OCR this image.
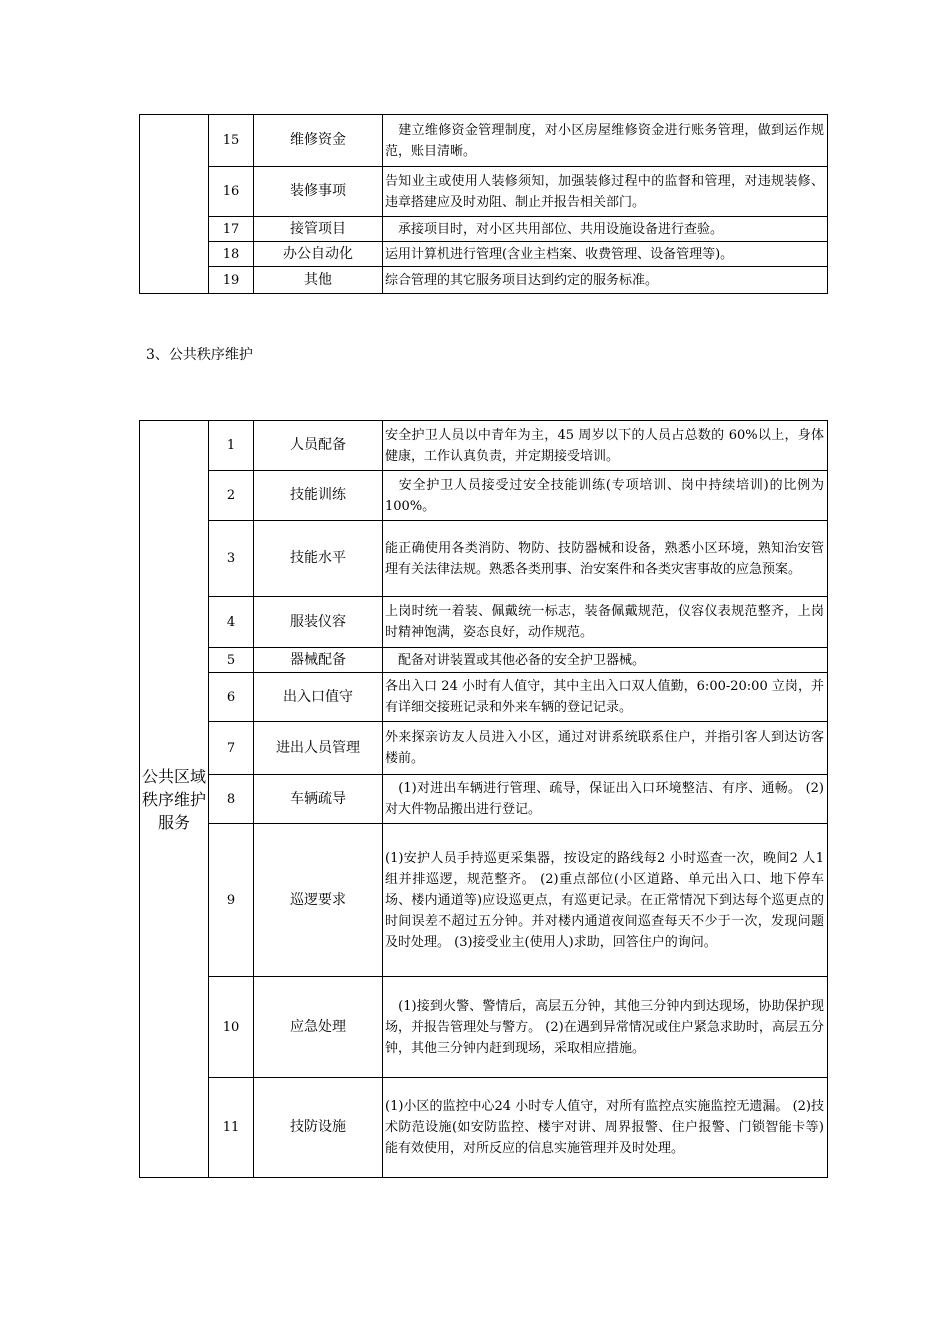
	15	维修资金	　建立维修资金管理制度，对小区房屋维修资金进行账务管理，做到运作规范，账目清晰。
	16	装修事项	告知业主或使用人装修须知，加强装修过程中的监督和管理，对违规装修、违章搭建应及时劝阻、制止并报告相关部门。
	17	接管项目	　承接项目时，对小区共用部位、共用设施设备进行查验。
	18	办公自动化	运用计算机进行管理(含业主档案、收费管理、设备管理等)。
	19	其他	综合管理的其它服务项目达到约定的服务标准。
3、公共秩序维护
公共区域秩序维护服务	1	人员配备	安全护卫人员以中青年为主，45 周岁以下的人员占总数的 60%以上，身体健康，工作认真负责，并定期接受培训。
	2	技能训练	　安全护卫人员接受过安全技能训练(专项培训、岗中持续培训)的比例为100%。
	3	技能水平	能正确使用各类消防、物防、技防器械和设备，熟悉小区环境，熟知治安管理有关法律法规。熟悉各类刑事、治安案件和各类灾害事故的应急预案。
	4	服装仪容	上岗时统一着装、佩戴统一标志，装备佩戴规范，仪容仪表规范整齐，上岗时精神饱满，姿态良好，动作规范。
	5	器械配备	　配备对讲装置或其他必备的安全护卫器械。
	6	出入口值守	各出入口 24 小时有人值守，其中主出入口双人值勤，6:00-20:00 立岗，并有详细交接班记录和外来车辆的登记记录。
	7	进出人员管理	外来探亲访友人员进入小区，通过对讲系统联系住户，并指引客人到达访客楼前。
	8	车辆疏导	　(1)对进出车辆进行管理、疏导，保证出入口环境整洁、有序、通畅。 (2)对大件物品搬出进行登记。
	9	巡逻要求	(1)安护人员手持巡更采集器，按设定的路线每2 小时巡查一次，晚间2 人1 组并排巡逻，规范整齐。 (2)重点部位(小区道路、单元出入口、地下停车场、楼内通道等)应设巡更点，有巡更记录。在正常情况下到达每个巡更点的时间误差不超过五分钟。并对楼内通道夜间巡查每天不少于一次，发现问题及时处理。 (3)接受业主(使用人)求助，回答住户的询问。
	10	应急处理	　(1)接到火警、警情后，高层五分钟，其他三分钟内到达现场，协助保护现场，并报告管理处与警方。 (2)在遇到异常情况或住户紧急求助时，高层五分钟，其他三分钟内赶到现场，采取相应措施。
	11	技防设施	(1)小区的监控中心24 小时专人值守，对所有监控点实施监控无遗漏。 (2)技术防范设施(如安防监控、楼宇对讲、周界报警、住户报警、门锁智能卡等)能有效使用，对所反应的信息实施管理并及时处理。
